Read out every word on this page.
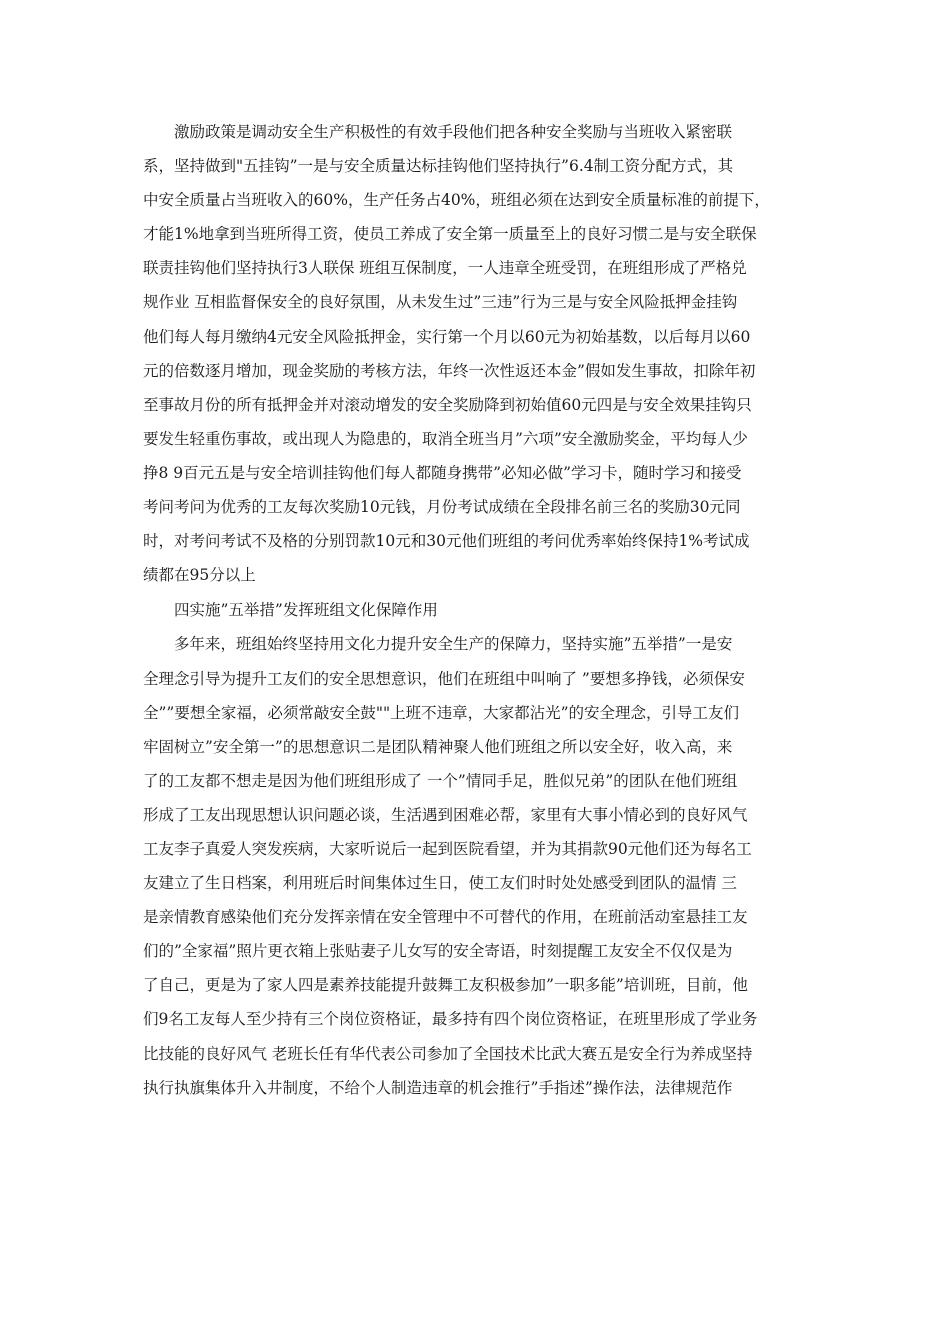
激励政策是调动安全生产积极性的有效手段他们把各种安全奖励与当班收入紧密联
系，坚持做到"五挂钩”一是与安全质量达标挂钩他们坚持执行”6.4制工资分配方式，其
中安全质量占当班收入的60%，生产任务占40%，班组必须在达到安全质量标准的前提下，
才能1%地拿到当班所得工资，使员工养成了安全第一质量至上的良好习惯二是与安全联保
联责挂钩他们坚持执行3人联保 班组互保制度，一人违章全班受罚，在班组形成了严格兑
规作业 互相监督保安全的良好氛围，从未发生过”三违”行为三是与安全风险抵押金挂钩
他们每人每月缴纳4元安全风险抵押金，实行第一个月以60元为初始基数，以后每月以60
元的倍数逐月增加，现金奖励的考核方法，年终一次性返还本金”假如发生事故，扣除年初
至事故月份的所有抵押金并对滚动增发的安全奖励降到初始值60元四是与安全效果挂钩只
要发生轻重伤事故，或出现人为隐患的，取消全班当月”六项”安全激励奖金，平均每人少
挣8 9百元五是与安全培训挂钩他们每人都随身携带”必知必做”学习卡，随时学习和接受
考问考问为优秀的工友每次奖励10元钱，月份考试成绩在全段排名前三名的奖励30元同
时，对考问考试不及格的分别罚款10元和30元他们班组的考问优秀率始终保持1%考试成
绩都在95分以上
四实施”五举措”发挥班组文化保障作用
多年来，班组始终坚持用文化力提升安全生产的保障力，坚持实施”五举措”一是安
全理念引导为提升工友们的安全思想意识，他们在班组中叫响了 ”要想多挣钱，必须保安
全””要想全家福，必须常敲安全鼓""上班不违章，大家都沾光”的安全理念，引导工友们
牢固树立”安全第一”的思想意识二是团队精神聚人他们班组之所以安全好，收入高，来
了的工友都不想走是因为他们班组形成了 一个”情同手足，胜似兄弟”的团队在他们班组
形成了工友出现思想认识问题必谈，生活遇到困难必帮，家里有大事小情必到的良好风气
工友李子真爱人突发疾病，大家听说后一起到医院看望，并为其捐款90元他们还为每名工
友建立了生日档案，利用班后时间集体过生日，使工友们时时处处感受到团队的温情 三
是亲情教育感染他们充分发挥亲情在安全管理中不可替代的作用，在班前活动室悬挂工友
们的”全家福”照片更衣箱上张贴妻子儿女写的安全寄语，时刻提醒工友安全不仅仅是为
了自己，更是为了家人四是素养技能提升鼓舞工友积极参加”一职多能”培训班，目前，他
们9名工友每人至少持有三个岗位资格证，最多持有四个岗位资格证，在班里形成了学业务
比技能的良好风气 老班长任有华代表公司参加了全国技术比武大赛五是安全行为养成坚持
执行执旗集体升入井制度，不给个人制造违章的机会推行”手指述”操作法，法律规范作
